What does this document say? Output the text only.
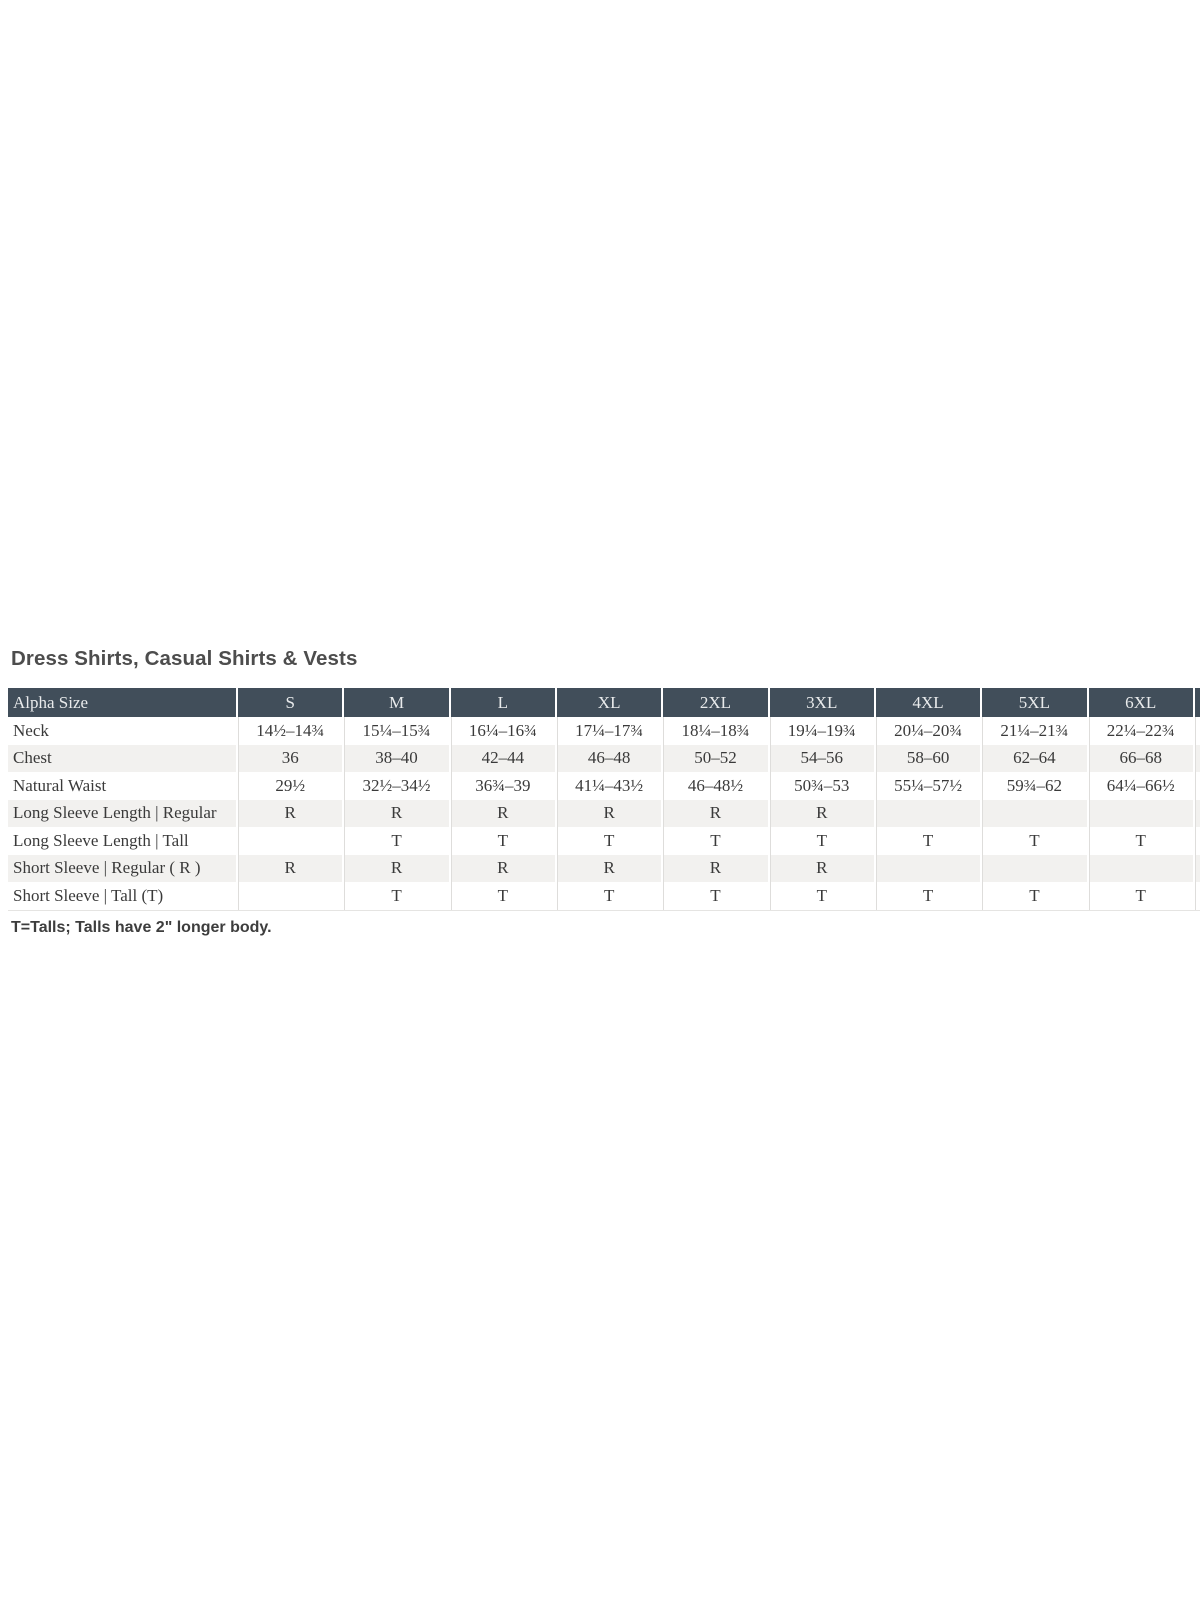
Dress Shirts, Casual Shirts & Vests
Alpha Size	S	M	L	XL	2XL	3XL	4XL	5XL	6XL	
Neck	14½–14¾	15¼–15¾	16¼–16¾	17¼–17¾	18¼–18¾	19¼–19¾	20¼–20¾	21¼–21¾	22¼–22¾	
Chest	36	38–40	42–44	46–48	50–52	54–56	58–60	62–64	66–68	
Natural Waist	29½	32½–34½	36¾–39	41¼–43½	46–48½	50¾–53	55¼–57½	59¾–62	64¼–66½	
Long Sleeve Length | Regular	R	R	R	R	R	R				
Long Sleeve Length | Tall		T	T	T	T	T	T	T	T	
Short Sleeve | Regular ( R )	R	R	R	R	R	R				
Short Sleeve | Tall (T)		T	T	T	T	T	T	T	T	

T=Talls; Talls have 2" longer body.
